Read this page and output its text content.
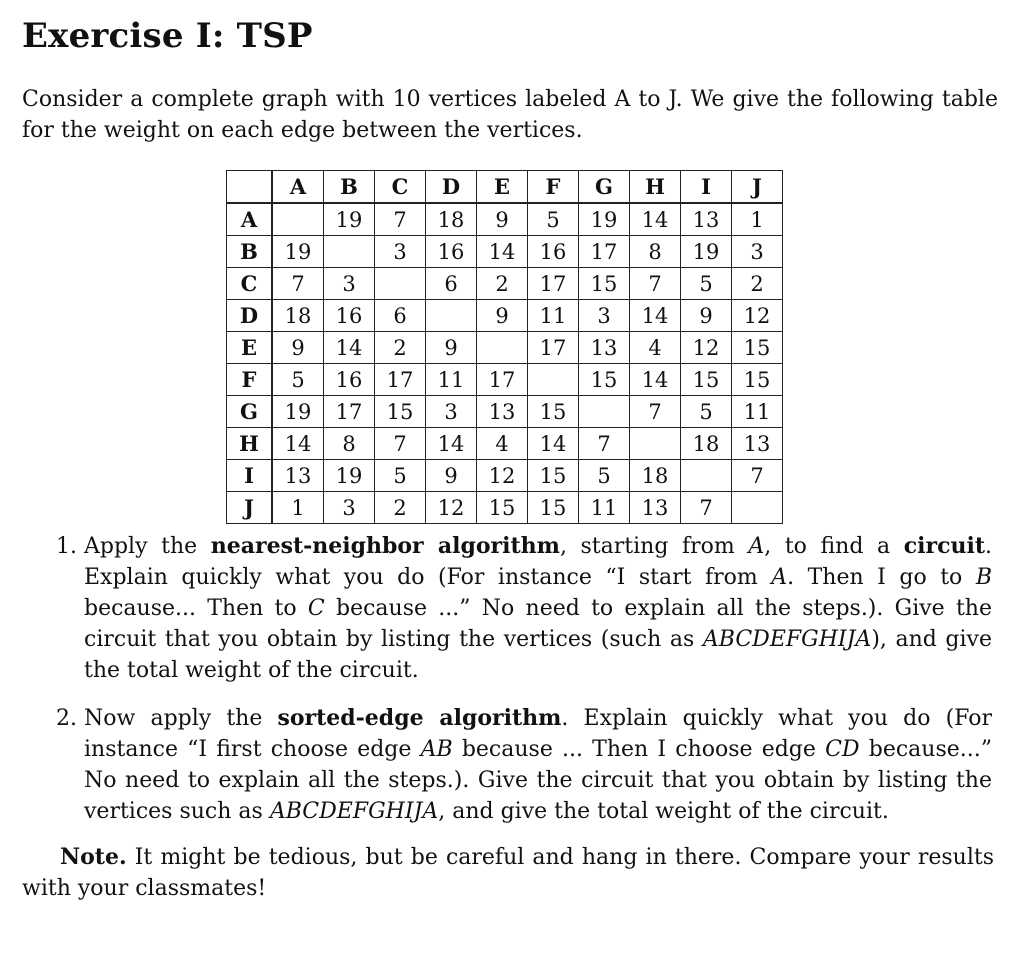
Exercise I: TSP

Consider a complete graph with 10 vertices labeled A to J. We give the following table for the weight on each edge between the vertices.

	A	B	C	D	E	F	G	H	I	J
A		19	7	18	9	5	19	14	13	1
B	19		3	16	14	16	17	8	19	3
C	7	3		6	2	17	15	7	5	2
D	18	16	6		9	11	3	14	9	12
E	9	14	2	9		17	13	4	12	15
F	5	16	17	11	17		15	14	15	15
G	19	17	15	3	13	15		7	5	11
H	14	8	7	14	4	14	7		18	13
I	13	19	5	9	12	15	5	18		7
J	1	3	2	12	15	15	11	13	7	
1. Apply the nearest-neighbor algorithm, starting from A, to find a circuit. Explain quickly what you do (For instance “I start from A. Then I go to B because... Then to C because ...” No need to explain all the steps.). Give the circuit that you obtain by listing the vertices (such as ABCDEFGHIJA), and give the total weight of the circuit.
2. Now apply the sorted-edge algorithm. Explain quickly what you do (For instance “I first choose edge AB because ... Then I choose edge CD because...” No need to explain all the steps.). Give the circuit that you obtain by listing the vertices such as ABCDEFGHIJA, and give the total weight of the circuit.

Note. It might be tedious, but be careful and hang in there. Compare your results with your classmates!
